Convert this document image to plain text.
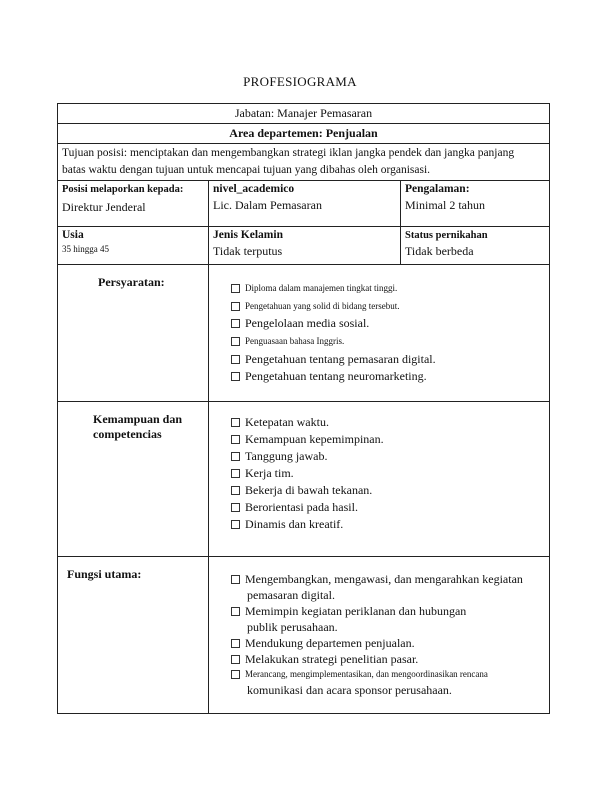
PROFESIOGRAMA
Jabatan: Manajer Pemasaran
Area departemen: Penjualan
Tujuan posisi: menciptakan dan mengembangkan strategi iklan jangka pendek dan jangka panjang
batas waktu dengan tujuan untuk mencapai tujuan yang dibahas oleh organisasi.
Posisi melaporkan kepada:
Direktur Jenderal
nivel_academico
Lic. Dalam Pemasaran
Pengalaman:
Minimal 2 tahun
Usia
35 hingga 45
Jenis Kelamin
Tidak terputus
Status pernikahan
Tidak berbeda
Persyaratan:	Diploma dalam manajemen tingkat tinggi.
Pengetahuan yang solid di bidang tersebut.
Pengelolaan media sosial.
Penguasaan bahasa Inggris.
Pengetahuan tentang pemasaran digital.
Pengetahuan tentang neuromarketing.
Kemampuan dan
competencias
Ketepatan waktu.
Kemampuan kepemimpinan.
Tanggung jawab.
Kerja tim.
Bekerja di bawah tekanan.
Berorientasi pada hasil.
Dinamis dan kreatif.
Fungsi utama:	Mengembangkan, mengawasi, dan mengarahkan kegiatan
pemasaran digital.
Memimpin kegiatan periklanan dan hubungan
publik perusahaan.
Mendukung departemen penjualan.
Melakukan strategi penelitian pasar.
Merancang, mengimplementasikan, dan mengoordinasikan rencana
komunikasi dan acara sponsor perusahaan.
